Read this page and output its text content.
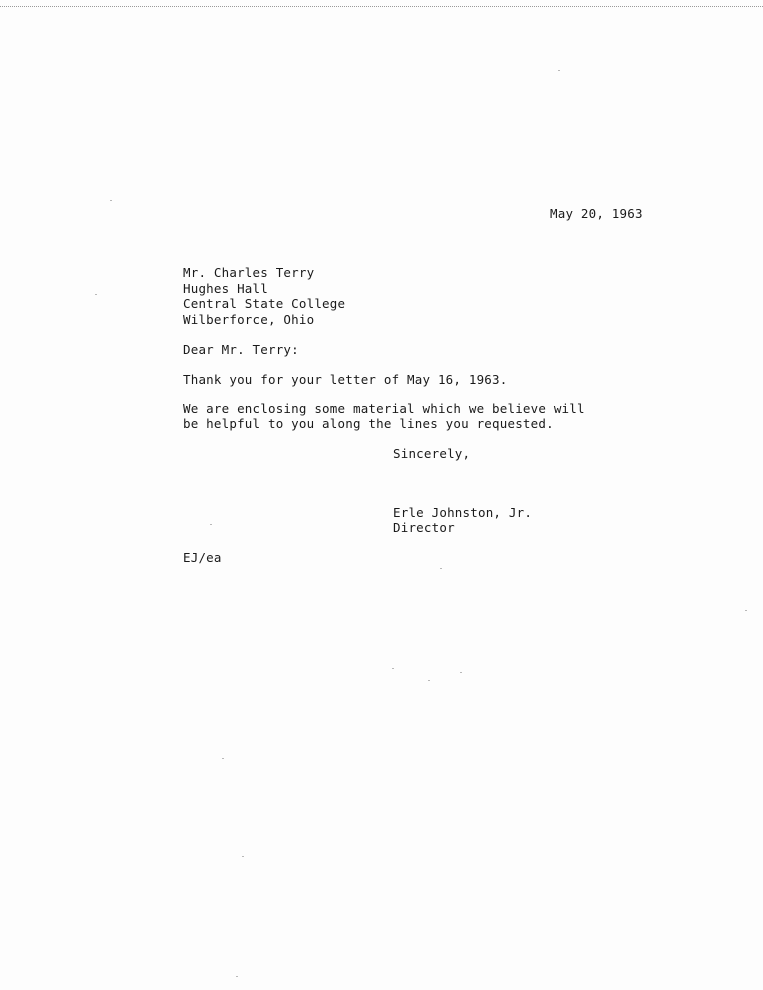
May 20, 1963
Mr. Charles Terry
Hughes Hall
Central State College
Wilberforce, Ohio
Dear Mr. Terry:
Thank you for your letter of May 16, 1963.
We are enclosing some material which we believe will
be helpful to you along the lines you requested.
Sincerely,
Erle Johnston, Jr.
Director
EJ/ea
